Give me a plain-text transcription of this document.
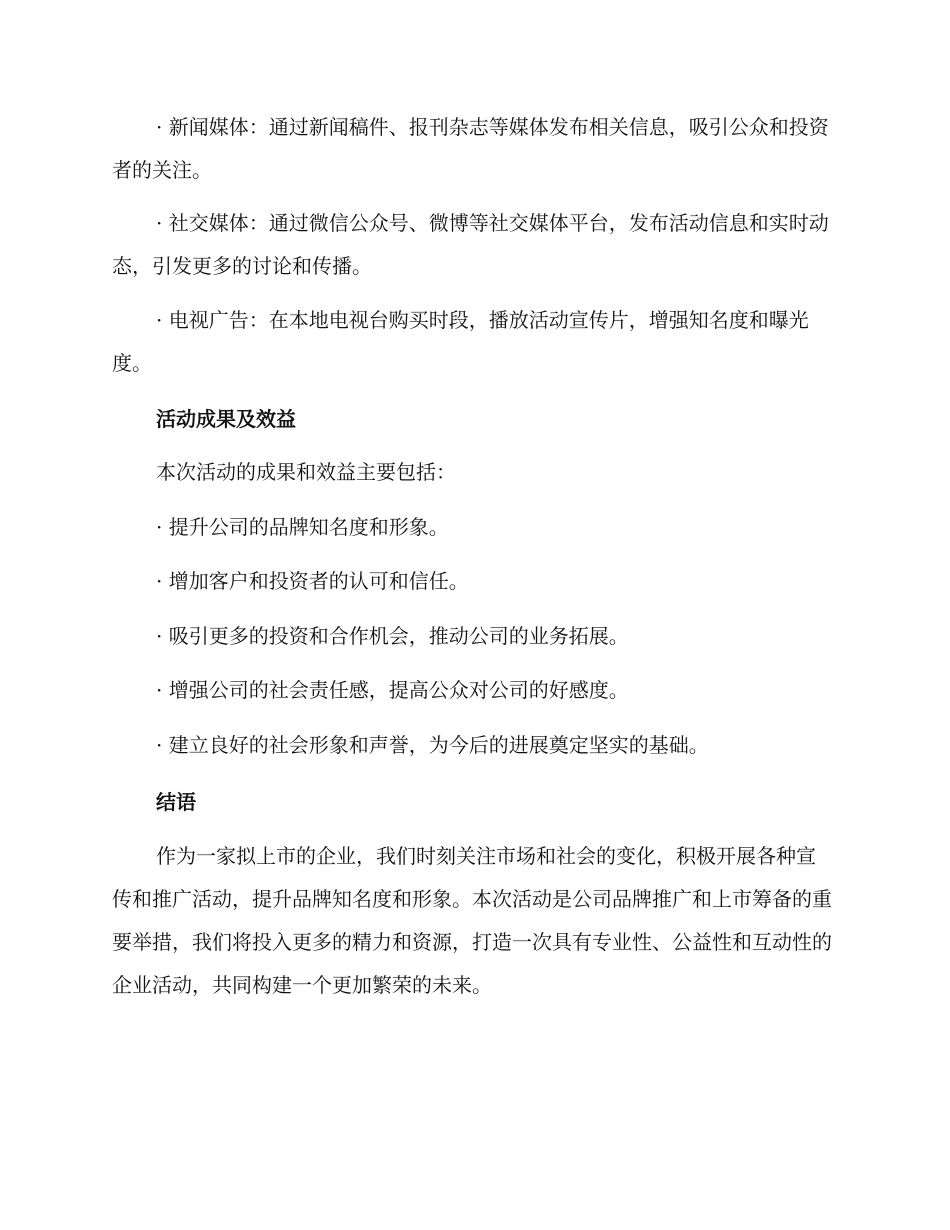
· 新闻媒体：通过新闻稿件、报刊杂志等媒体发布相关信息，吸引公众和投资者的关注。

· 社交媒体：通过微信公众号、微博等社交媒体平台，发布活动信息和实时动态，引发更多的讨论和传播。

· 电视广告：在本地电视台购买时段，播放活动宣传片，增强知名度和曝光度。

活动成果及效益

本次活动的成果和效益主要包括：

· 提升公司的品牌知名度和形象。

· 增加客户和投资者的认可和信任。

· 吸引更多的投资和合作机会，推动公司的业务拓展。

· 增强公司的社会责任感，提高公众对公司的好感度。

· 建立良好的社会形象和声誉，为今后的进展奠定坚实的基础。

结语

作为一家拟上市的企业，我们时刻关注市场和社会的变化，积极开展各种宣传和推广活动，提升品牌知名度和形象。本次活动是公司品牌推广和上市筹备的重要举措，我们将投入更多的精力和资源，打造一次具有专业性、公益性和互动性的企业活动，共同构建一个更加繁荣的未来。
